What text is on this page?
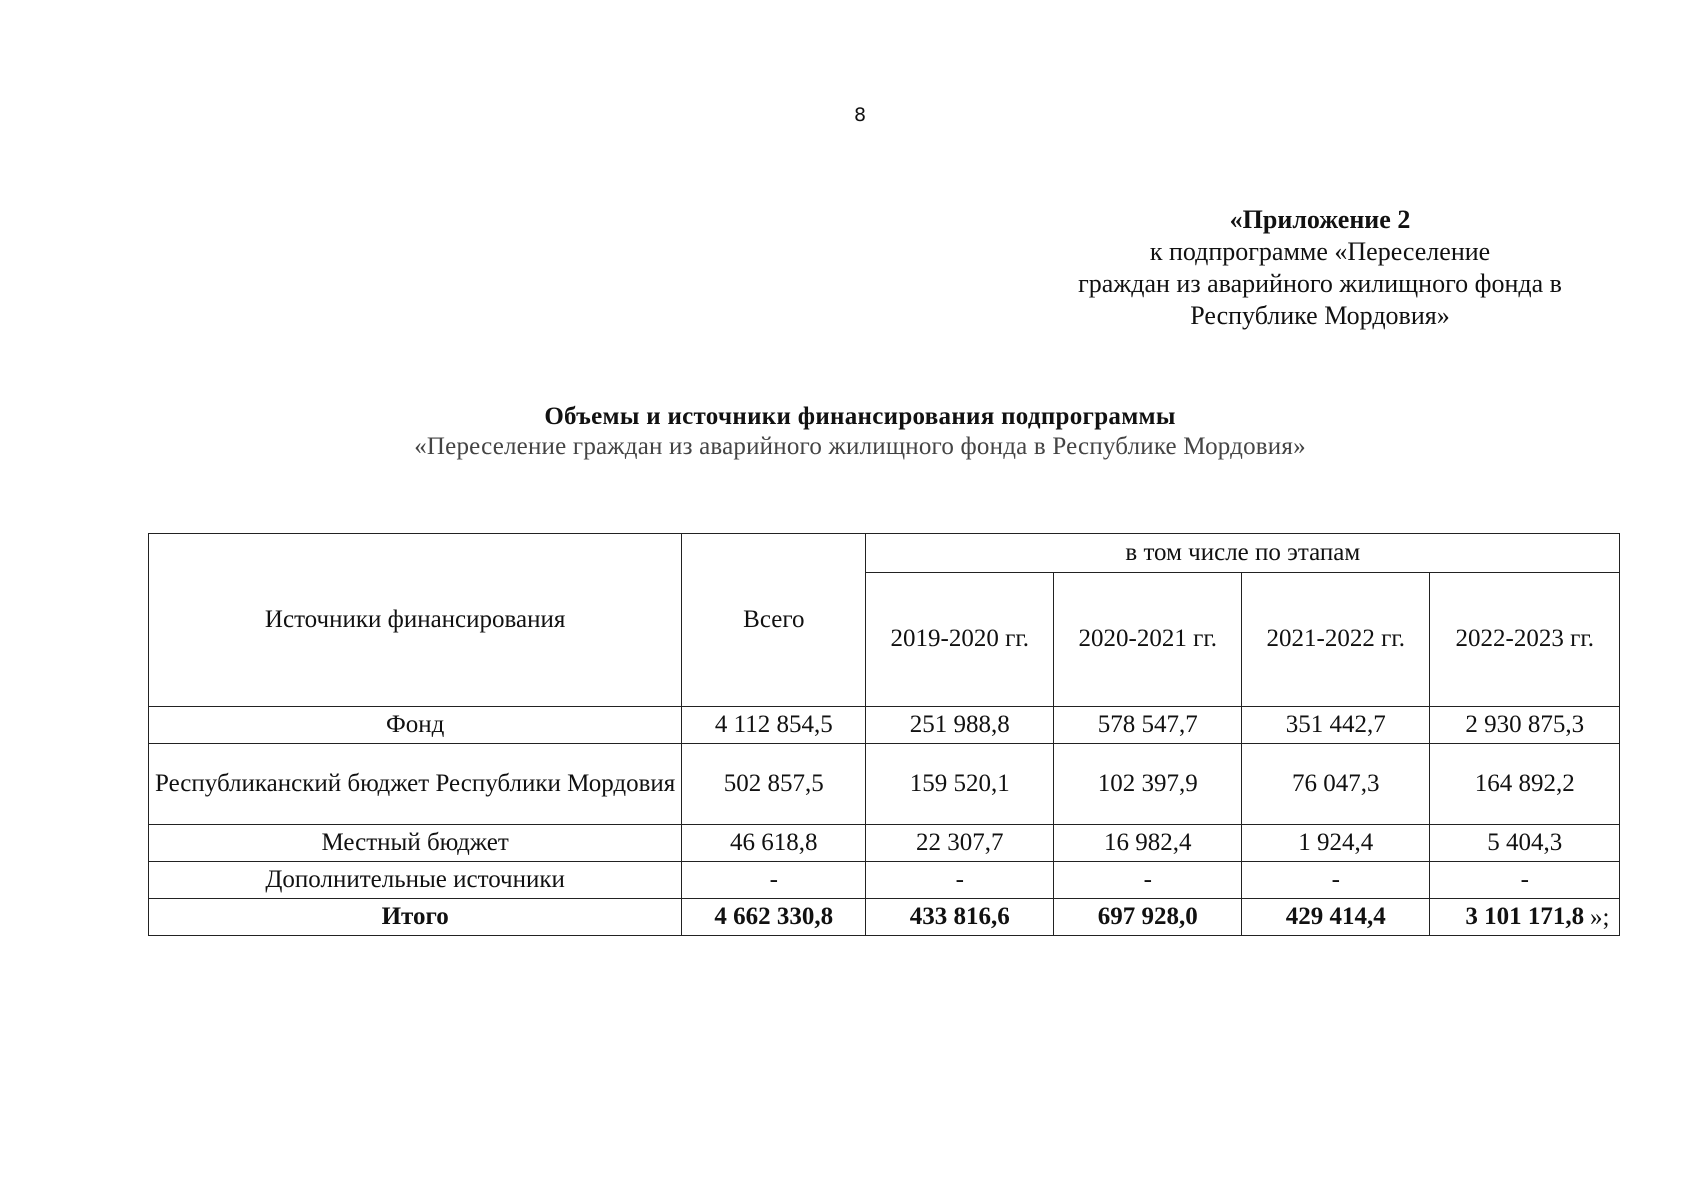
8
«Приложение 2
к подпрограмме «Переселение
граждан из аварийного жилищного фонда в
Республике Мордовия»
Объемы и источники финансирования подпрограммы
«Переселение граждан из аварийного жилищного фонда в Республике Мордовия»
Источники финансирования	Всего	в том числе по этапам			
		2019-2020 гг.	2020-2021 гг.	2021-2022 гг.	2022-2023 гг.
Фонд	4 112 854,5	251 988,8	578 547,7	351 442,7	2 930 875,3
Республиканский бюджет Республики Мордовия	502 857,5	159 520,1	102 397,9	76 047,3	164 892,2
Местный бюджет	46 618,8	22 307,7	16 982,4	1 924,4	5 404,3
Дополнительные источники	-	-	-	-	-
Итого	4 662 330,8	433 816,6	697 928,0	429 414,4	3 101 171,8 »;
